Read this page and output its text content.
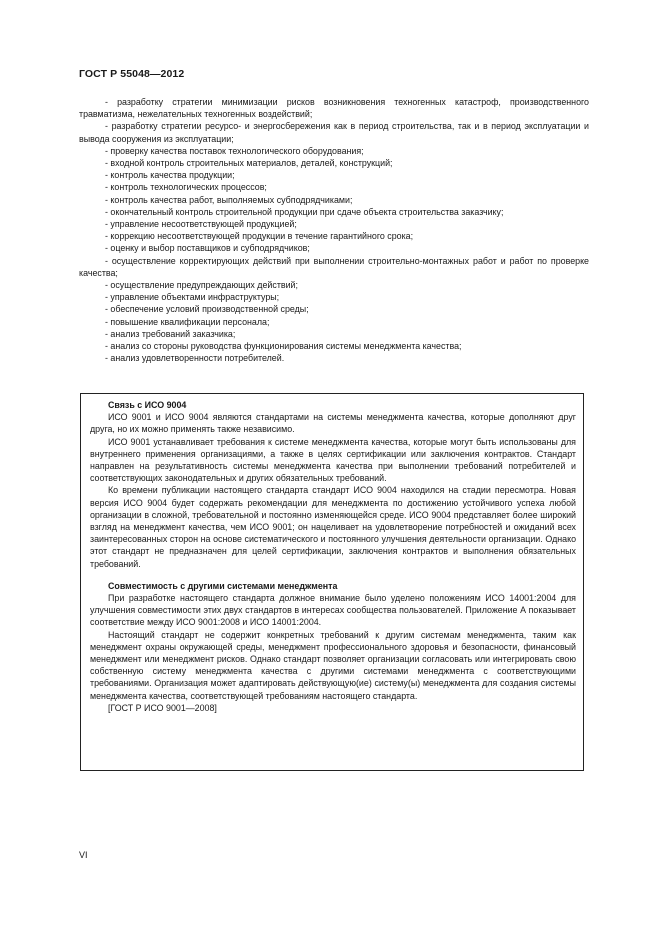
ГОСТ Р 55048—2012
- разработку стратегии минимизации рисков возникновения техногенных катастроф, производственного травматизма, нежелательных техногенных воздействий;
- разработку стратегии ресурсо- и энергосбережения как в период строительства, так и в период эксплуатации и вывода сооружения из эксплуатации;
- проверку качества поставок технологического оборудования;
- входной контроль строительных материалов, деталей, конструкций;
- контроль качества продукции;
- контроль технологических процессов;
- контроль качества работ, выполняемых субподрядчиками;
- окончательный контроль строительной продукции при сдаче объекта строительства заказчику;
- управление несоответствующей продукцией;
- коррекцию несоответствующей продукции в течение гарантийного срока;
- оценку и выбор поставщиков и субподрядчиков;
- осуществление корректирующих действий при выполнении строительно-монтажных работ и работ по проверке качества;
- осуществление предупреждающих действий;
- управление объектами инфраструктуры;
- обеспечение условий производственной среды;
- повышение квалификации персонала;
- анализ требований заказчика;
- анализ со стороны руководства функционирования системы менеджмента качества;
- анализ удовлетворенности потребителей.
Связь с ИСО 9004
ИСО 9001 и ИСО 9004 являются стандартами на системы менеджмента качества, которые дополняют друг друга, но их можно применять также независимо.
ИСО 9001 устанавливает требования к системе менеджмента качества, которые могут быть использованы для внутреннего применения организациями, а также в целях сертификации или заключения контрактов. Стандарт направлен на результативность системы менеджмента качества при выполнении требований потребителей и соответствующих законодательных и других обязательных требований.
Ко времени публикации настоящего стандарта стандарт ИСО 9004 находился на стадии пересмотра. Новая версия ИСО 9004 будет содержать рекомендации для менеджмента по достижению устойчивого успеха любой организации в сложной, требовательной и постоянно изменяющейся среде. ИСО 9004 представляет более широкий взгляд на менеджмент качества, чем ИСО 9001; он нацеливает на удовлетворение потребностей и ожиданий всех заинтересованных сторон на основе систематического и постоянного улучшения деятельности организации. Однако этот стандарт не предназначен для целей сертификации, заключения контрактов и выполнения обязательных требований.
Совместимость с другими системами менеджмента
При разработке настоящего стандарта должное внимание было уделено положениям ИСО 14001:2004 для улучшения совместимости этих двух стандартов в интересах сообщества пользователей. Приложение А показывает соответствие между ИСО 9001:2008 и ИСО 14001:2004.
Настоящий стандарт не содержит конкретных требований к другим системам менеджмента, таким как менеджмент охраны окружающей среды, менеджмент профессионального здоровья и безопасности, финансовый менеджмент или менеджмент рисков. Однако стандарт позволяет организации согласовать или интегрировать свою собственную систему менеджмента качества с другими системами менеджмента с соответствующими требованиями. Организация может адаптировать действующую(ие) систему(ы) менеджмента для создания системы менеджмента качества, соответствующей требованиям настоящего стандарта.
[ГОСТ Р ИСО 9001—2008]
VI
